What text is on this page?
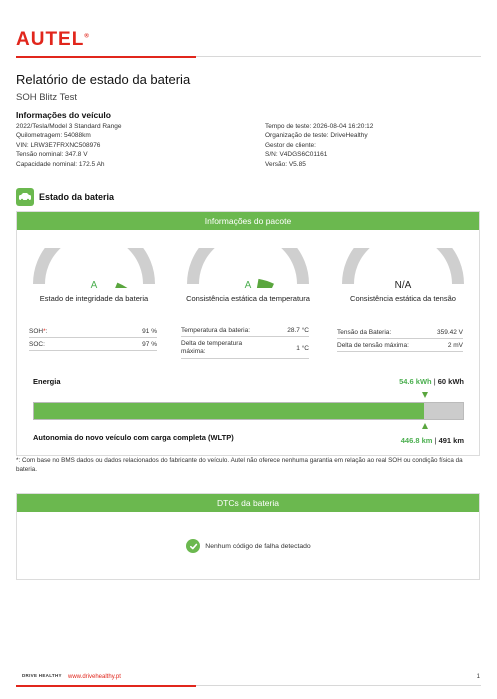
AUTEL®
Relatório de estado da bateria
SOH Blitz Test
Informações do veículo
2022/Tesla/Model 3 Standard Range
Quilometragem: 54088km
VIN: LRW3E7FRXNC508976
Tensão nominal: 347.8 V
Capacidade nominal: 172.5 Ah
Tempo de teste: 2026-08-04 16:20:12
Organização de teste: DriveHealthy
Gestor de cliente:
S/N: V4DGS6C01161
Versão: V5.85
Estado da bateria
Informações do pacote
A
Estado de integridade da bateria
A
Consistência estática da temperatura
N/A
Consistência estática da tensão
SOH*:	91 %
SOC:	97 %
Temperatura da bateria:	28.7 °C
Delta de temperatura máxima:	1 °C
Tensão da Bateria:	359.42 V
Delta de tensão máxima:	2 mV
Energia	54.6 kWh | 60 kWh
Autonomia do novo veículo com carga completa (WLTP)	446.8 km | 491 km
*: Com base no BMS dados ou dados relacionados do fabricante do veículo. Autel não oferece nenhuma garantia em relação ao real SOH ou condição física da bateria.
DTCs da bateria
Nenhum código de falha detectado
DRIVE HEALTHY www.drivehealthy.pt	1
